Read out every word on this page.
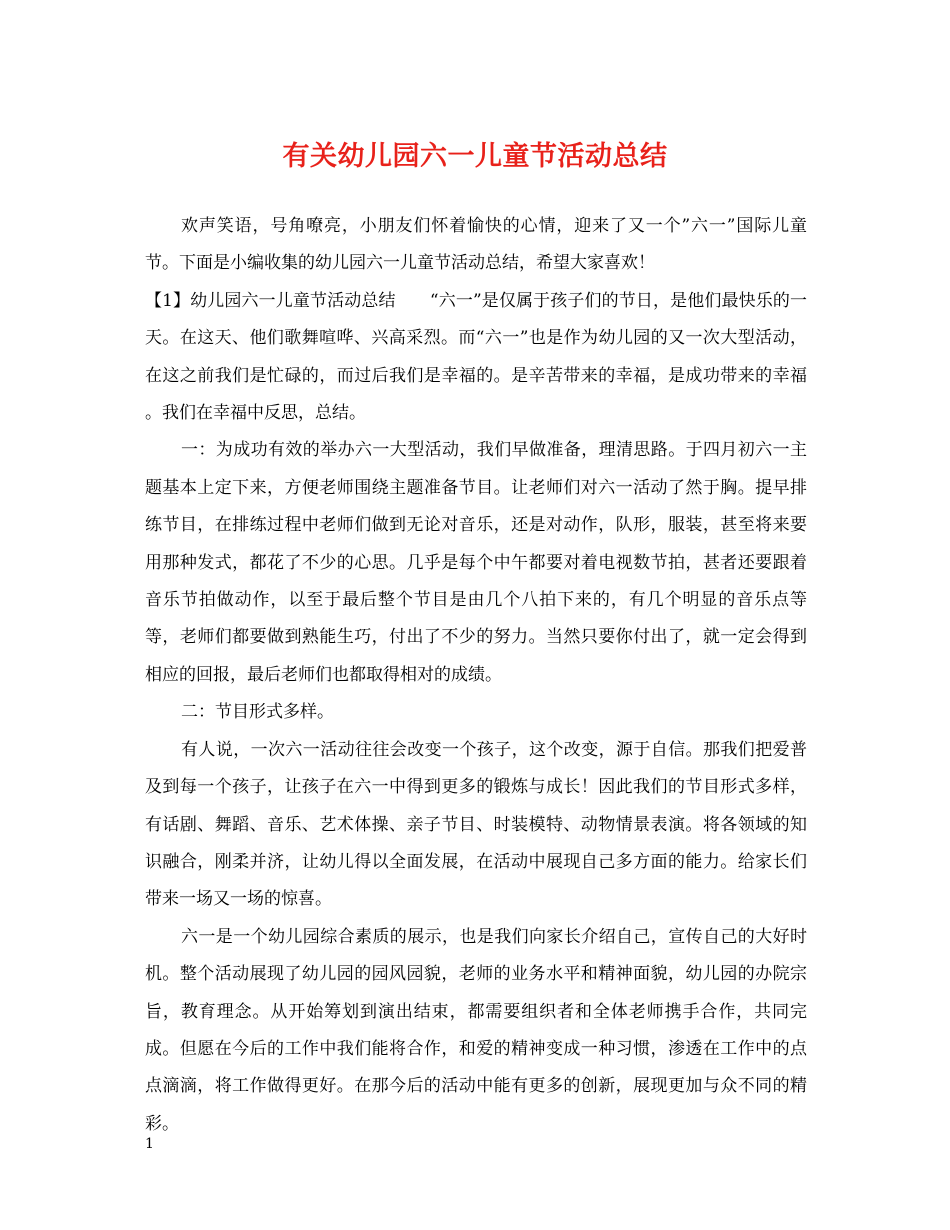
有关幼儿园六一儿童节活动总结

欢声笑语，号角嘹亮，小朋友们怀着愉快的心情，迎来了又一个”六一”国际儿童节。下面是小编收集的幼儿园六一儿童节活动总结，希望大家喜欢！

【1】幼儿园六一儿童节活动总结　　“六一”是仅属于孩子们的节日，是他们最快乐的一天。在这天、他们歌舞喧哗、兴高采烈。而“六一”也是作为幼儿园的又一次大型活动，在这之前我们是忙碌的，而过后我们是幸福的。是辛苦带来的幸福，是成功带来的幸福 。我们在幸福中反思，总结。

一：为成功有效的举办六一大型活动，我们早做准备，理清思路。于四月初六一主题基本上定下来，方便老师围绕主题准备节目。让老师们对六一活动了然于胸。提早排练节目，在排练过程中老师们做到无论对音乐，还是对动作，队形，服装，甚至将来要用那种发式，都花了不少的心思。几乎是每个中午都要对着电视数节拍，甚者还要跟着音乐节拍做动作，以至于最后整个节目是由几个八拍下来的，有几个明显的音乐点等等，老师们都要做到熟能生巧，付出了不少的努力。当然只要你付出了，就一定会得到相应的回报，最后老师们也都取得相对的成绩。

二：节目形式多样。

有人说，一次六一活动往往会改变一个孩子，这个改变，源于自信。那我们把爱普及到每一个孩子，让孩子在六一中得到更多的锻炼与成长！因此我们的节目形式多样，有话剧、舞蹈、音乐、艺术体操、亲子节目、时装模特、动物情景表演。将各领域的知识融合，刚柔并济，让幼儿得以全面发展，在活动中展现自己多方面的能力。给家长们带来一场又一场的惊喜。

六一是一个幼儿园综合素质的展示，也是我们向家长介绍自己，宣传自己的大好时机。整个活动展现了幼儿园的园风园貌，老师的业务水平和精神面貌，幼儿园的办院宗旨，教育理念。从开始筹划到演出结束，都需要组织者和全体老师携手合作，共同完成。但愿在今后的工作中我们能将合作，和爱的精神变成一种习惯，渗透在工作中的点点滴滴，将工作做得更好。在那今后的活动中能有更多的创新，展现更加与众不同的精彩。

1
